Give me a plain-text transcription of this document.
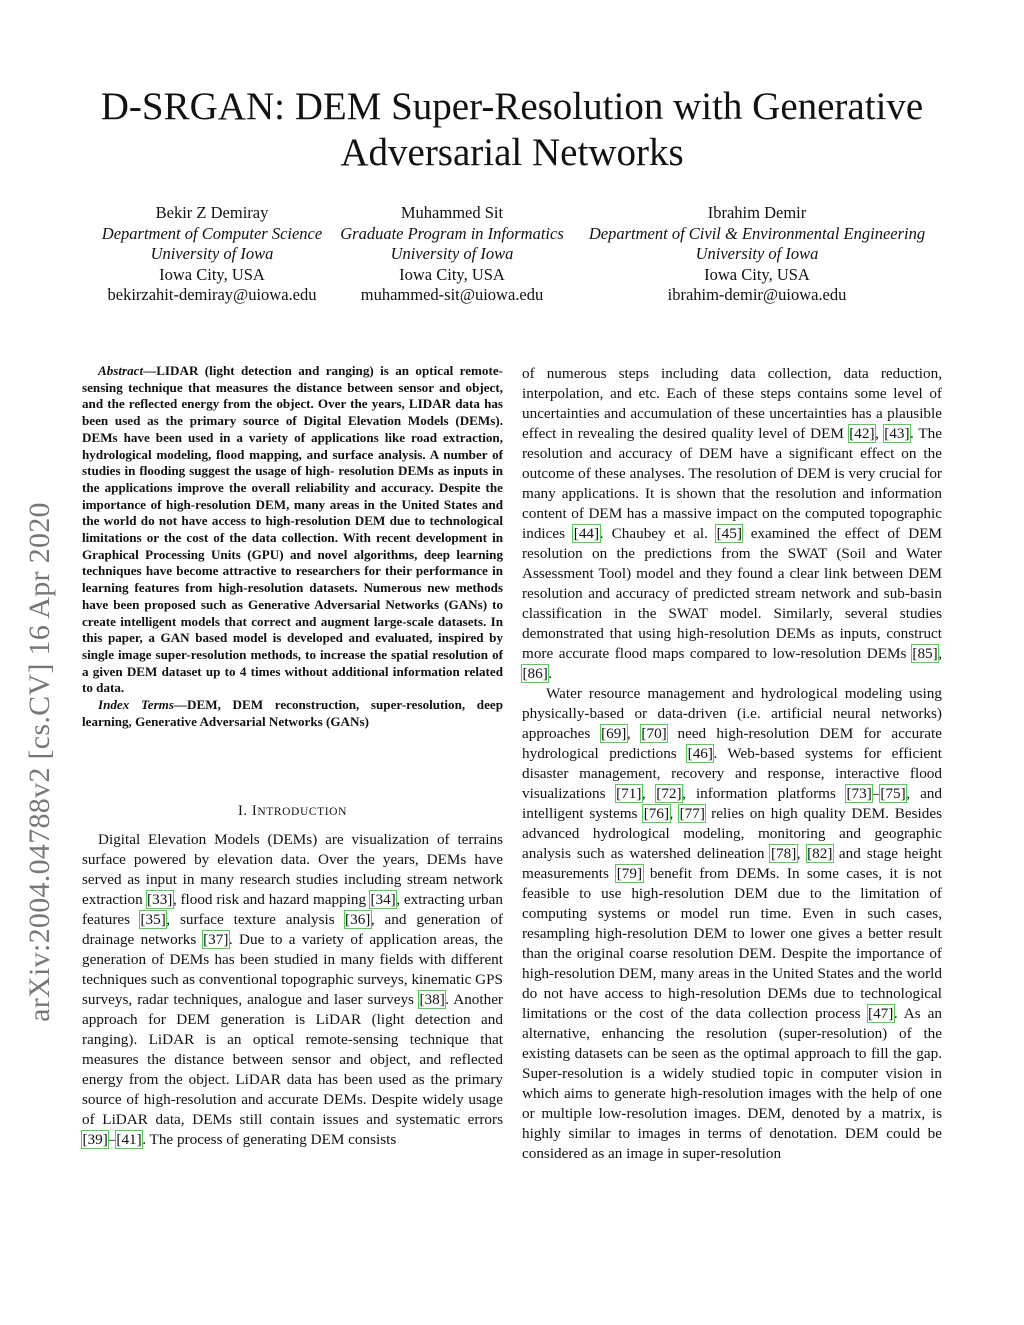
arXiv:2004.04788v2 [cs.CV] 16 Apr 2020
D-SRGAN: DEM Super-Resolution with Generative Adversarial Networks
Bekir Z Demiray
Department of Computer Science
University of Iowa
Iowa City, USA
bekirzahit-demiray@uiowa.edu
Muhammed Sit
Graduate Program in Informatics
University of Iowa
Iowa City, USA
muhammed-sit@uiowa.edu
Ibrahim Demir
Department of Civil & Environmental Engineering
University of Iowa
Iowa City, USA
ibrahim-demir@uiowa.edu

Abstract—LIDAR (light detection and ranging) is an optical remote-sensing technique that measures the distance between sensor and object, and the reflected energy from the object. Over the years, LIDAR data has been used as the primary source of Digital Elevation Models (DEMs). DEMs have been used in a variety of applications like road extraction, hydrological modeling, flood mapping, and surface analysis. A number of studies in flooding suggest the usage of high- resolution DEMs as inputs in the applications improve the overall reliability and accuracy. Despite the importance of high-resolution DEM, many areas in the United States and the world do not have access to high-resolution DEM due to technological limitations or the cost of the data collection. With recent development in Graphical Processing Units (GPU) and novel algorithms, deep learning techniques have become attractive to researchers for their performance in learning features from high-resolution datasets. Numerous new methods have been proposed such as Generative Adversarial Networks (GANs) to create intelligent models that correct and augment large-scale datasets. In this paper, a GAN based model is developed and evaluated, inspired by single image super-resolution methods, to increase the spatial resolution of a given DEM dataset up to 4 times without additional information related to data.

Index Terms—DEM, DEM reconstruction, super-resolution, deep learning, Generative Adversarial Networks (GANs)

I. INTRODUCTION

Digital Elevation Models (DEMs) are visualization of terrains surface powered by elevation data. Over the years, DEMs have served as input in many research studies including stream network extraction [33], flood risk and hazard mapping [34], extracting urban features [35], surface texture analysis [36], and generation of drainage networks [37]. Due to a variety of application areas, the generation of DEMs has been studied in many fields with different techniques such as conventional topographic surveys, kinematic GPS surveys, radar techniques, analogue and laser surveys [38]. Another approach for DEM generation is LiDAR (light detection and ranging). LiDAR is an optical remote-sensing technique that measures the distance between sensor and object, and reflected energy from the object. LiDAR data has been used as the primary source of high-resolution and accurate DEMs. Despite widely usage of LiDAR data, DEMs still contain issues and systematic errors [39]–[41]. The process of generating DEM consists

of numerous steps including data collection, data reduction, interpolation, and etc. Each of these steps contains some level of uncertainties and accumulation of these uncertainties has a plausible effect in revealing the desired quality level of DEM [42], [43]. The resolution and accuracy of DEM have a significant effect on the outcome of these analyses. The resolution of DEM is very crucial for many applications. It is shown that the resolution and information content of DEM has a massive impact on the computed topographic indices [44]. Chaubey et al. [45] examined the effect of DEM resolution on the predictions from the SWAT (Soil and Water Assessment Tool) model and they found a clear link between DEM resolution and accuracy of predicted stream network and sub-basin classification in the SWAT model. Similarly, several studies demonstrated that using high-resolution DEMs as inputs, construct more accurate flood maps compared to low-resolution DEMs [85], [86].

Water resource management and hydrological modeling using physically-based or data-driven (i.e. artificial neural networks) approaches [69], [70] need high-resolution DEM for accurate hydrological predictions [46]. Web-based systems for efficient disaster management, recovery and response, interactive flood visualizations [71], [72], information platforms [73]–[75], and intelligent systems [76], [77] relies on high quality DEM. Besides advanced hydrological modeling, monitoring and geographic analysis such as watershed delineation [78], [82] and stage height measurements [79] benefit from DEMs. In some cases, it is not feasible to use high-resolution DEM due to the limitation of computing systems or model run time. Even in such cases, resampling high-resolution DEM to lower one gives a better result than the original coarse resolution DEM. Despite the importance of high-resolution DEM, many areas in the United States and the world do not have access to high-resolution DEMs due to technological limitations or the cost of the data collection process [47]. As an alternative, enhancing the resolution (super-resolution) of the existing datasets can be seen as the optimal approach to fill the gap. Super-resolution is a widely studied topic in computer vision in which aims to generate high-resolution images with the help of one or multiple low-resolution images. DEM, denoted by a matrix, is highly similar to images in terms of denotation. DEM could be considered as an image in super-resolution
